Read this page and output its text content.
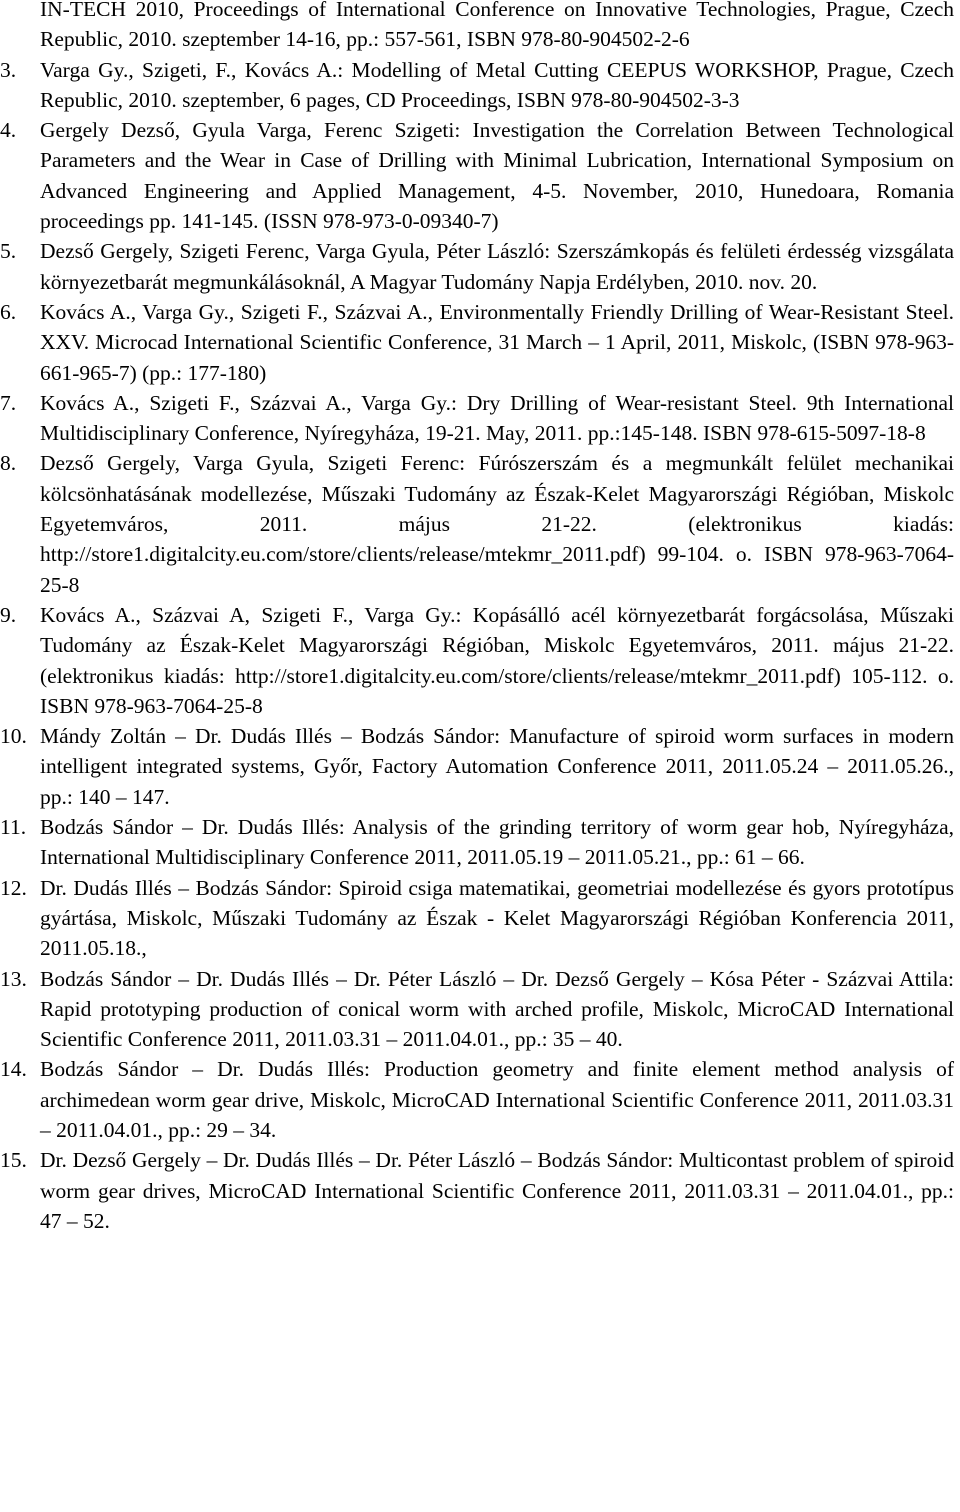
IN-TECH 2010, Proceedings of International Conference on Innovative Technologies, Prague, Czech Republic, 2010. szeptember 14-16, pp.: 557-561, ISBN 978-80-904502-2-6
3.	Varga Gy., Szigeti, F., Kovács A.: Modelling of Metal Cutting CEEPUS WORKSHOP, Prague, Czech Republic, 2010. szeptember, 6 pages, CD Proceedings, ISBN 978-80-904502-3-3
4.	Gergely Dezső, Gyula Varga, Ferenc Szigeti: Investigation the Correlation Between Technological Parameters and the Wear in Case of Drilling with Minimal Lubrication, International Symposium on Advanced Engineering and Applied Management, 4-5. November, 2010, Hunedoara, Romania proceedings pp. 141-145. (ISSN 978-973-0-09340-7)
5.	Dezső Gergely, Szigeti Ferenc, Varga Gyula, Péter László: Szerszámkopás és felületi érdesség vizsgálata környezetbarát megmunkálásoknál, A Magyar Tudomány Napja Erdélyben, 2010. nov. 20.
6.	Kovács A., Varga Gy., Szigeti F., Százvai A., Environmentally Friendly Drilling of Wear-Resistant Steel. XXV. Microcad International Scientific Conference, 31 March – 1 April, 2011, Miskolc, (ISBN 978-963-661-965-7) (pp.: 177-180)
7.	Kovács A., Szigeti F., Százvai A., Varga Gy.: Dry Drilling of Wear-resistant Steel. 9th International Multidisciplinary Conference, Nyíregyháza, 19-21. May, 2011. pp.:145-148. ISBN 978-615-5097-18-8
8.	Dezső Gergely, Varga Gyula, Szigeti Ferenc: Fúrószerszám és a megmunkált felület mechanikai kölcsönhatásának modellezése, Műszaki Tudomány az Észak-Kelet Magyarországi Régióban, Miskolc Egyetemváros, 2011. május 21-22. (elektronikus kiadás: http://store1.digitalcity.eu.com/store/clients/release/mtekmr_2011.pdf) 99-104. o. ISBN 978-963-7064-25-8
9.	Kovács A., Százvai A, Szigeti F., Varga Gy.: Kopásálló acél környezetbarát forgácsolása, Műszaki Tudomány az Észak-Kelet Magyarországi Régióban, Miskolc Egyetemváros, 2011. május 21-22. (elektronikus kiadás: http://store1.digitalcity.eu.com/store/clients/release/mtekmr_2011.pdf) 105-112. o. ISBN 978-963-7064-25-8
10. Mándy Zoltán – Dr. Dudás Illés – Bodzás Sándor: Manufacture of spiroid worm surfaces in modern intelligent integrated systems, Győr, Factory Automation Conference 2011, 2011.05.24 – 2011.05.26., pp.: 140 – 147.
11. Bodzás Sándor – Dr. Dudás Illés: Analysis of the grinding territory of worm gear hob, Nyíregyháza, International Multidisciplinary Conference 2011, 2011.05.19 – 2011.05.21., pp.: 61 – 66.
12. Dr. Dudás Illés – Bodzás Sándor: Spiroid csiga matematikai, geometriai modellezése és gyors prototípus gyártása, Miskolc, Műszaki Tudomány az Észak - Kelet Magyarországi Régióban Konferencia 2011, 2011.05.18.,
13. Bodzás Sándor – Dr. Dudás Illés – Dr. Péter László – Dr. Dezső Gergely – Kósa Péter - Százvai Attila: Rapid prototyping production of conical worm with arched profile, Miskolc, MicroCAD International Scientific Conference 2011, 2011.03.31 – 2011.04.01., pp.: 35 – 40.
14. Bodzás Sándor – Dr. Dudás Illés: Production geometry and finite element method analysis of archimedean worm gear drive, Miskolc, MicroCAD International Scientific Conference 2011, 2011.03.31 – 2011.04.01., pp.: 29 – 34.
15. Dr. Dezső Gergely – Dr. Dudás Illés – Dr. Péter László – Bodzás Sándor: Multicontast problem of spiroid worm gear drives, MicroCAD International Scientific Conference 2011, 2011.03.31 – 2011.04.01., pp.: 47 – 52.
